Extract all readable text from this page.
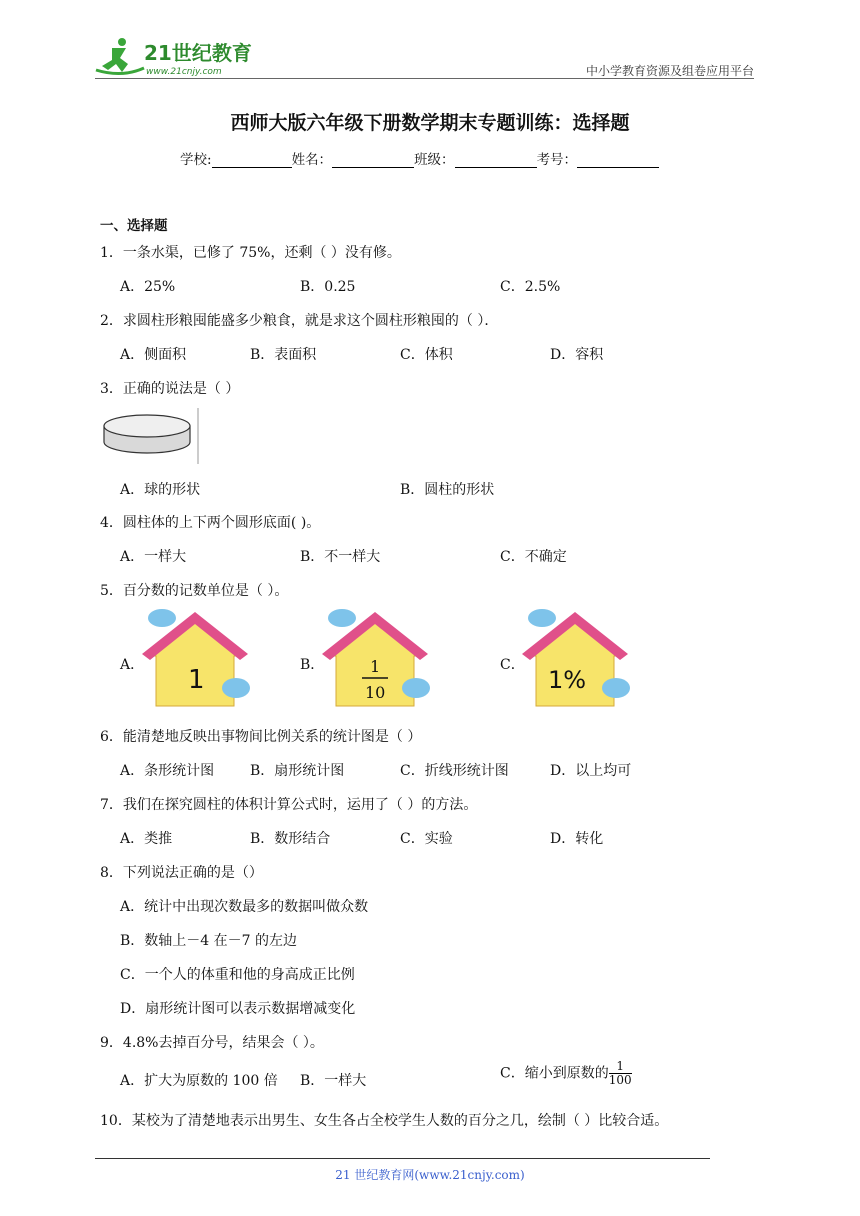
21世纪教育
www.21cnjy.com	中小学教育资源及组卷应用平台
西师大版六年级下册数学期末专题训练：选择题
学校:	姓名：	班级：	考号：
一、选择题
1．一条水渠，已修了 75%，还剩（ ）没有修。
A．25%	B．0.25	C．2.5%
2．求圆柱形粮囤能盛多少粮食，就是求这个圆柱形粮囤的（ ）．
A．侧面积	B．表面积	C．体积	D．容积
3．正确的说法是（ ）
A．球的形状	B．圆柱的形状
4．圆柱体的上下两个圆形底面( )。
A．一样大	B．不一样大	C．不确定
5．百分数的记数单位是（ ）。
A． 1	B．	1
10
C．
1%
6．能清楚地反映出事物间比例关系的统计图是（ ）
A．条形统计图	B．扇形统计图	C．折线形统计图	D．以上均可
7．我们在探究圆柱的体积计算公式时，运用了（ ）的方法。
A．类推	B．数形结合	C．实验	D．转化
8．下列说法正确的是（）
A．统计中出现次数最多的数据叫做众数
B．数轴上－4 在－7 的左边
C．一个人的体重和他的身高成正比例
D．扇形统计图可以表示数据增减变化
9．4.8%去掉百分号，结果会（ ）。
A．扩大为原数的 100 倍 B．一样大	C．缩小到原数的 $\frac{1}{100}$
10．某校为了清楚地表示出男生、女生各占全校学生人数的百分之几，绘制（ ）比较合适。
21 世纪教育网(www.21cnjy.com)
